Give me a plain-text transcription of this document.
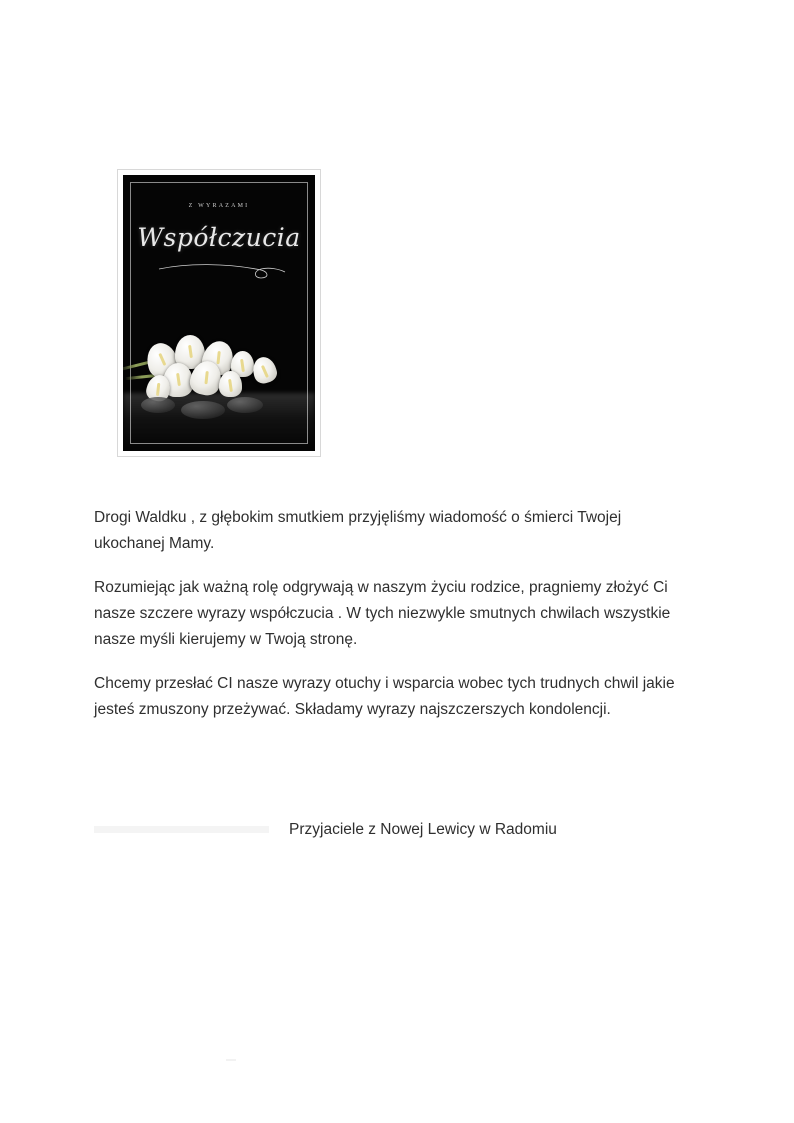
Z WYRAZAMI
Współczucia

Drogi Waldku , z głębokim smutkiem przyjęliśmy wiadomość o śmierci Twojej ukochanej Mamy.

Rozumiejąc jak ważną rolę odgrywają w naszym życiu rodzice, pragniemy złożyć Ci nasze szczere wyrazy współczucia . W tych niezwykle smutnych chwilach wszystkie nasze myśli kierujemy w Twoją stronę.

Chcemy przesłać CI nasze wyrazy otuchy i wsparcia wobec tych trudnych chwil jakie jesteś zmuszony przeżywać. Składamy wyrazy najszczerszych kondolencji.

Przyjaciele z Nowej Lewicy w Radomiu
